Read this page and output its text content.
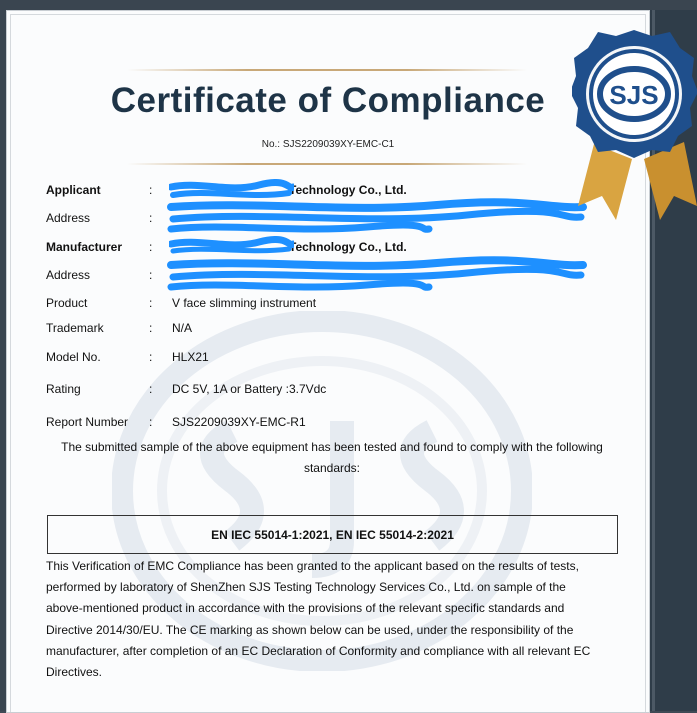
Certificate of Compliance
No.: SJS2209039XY-EMC-C1
Applicant	:	Technology Co., Ltd.
Address	:
Manufacturer :	Technology Co., Ltd.
Address	:
Product	: V face slimming instrument
Trademark	: N/A
Model No.	: HLX21
Rating	: DC 5V, 1A or Battery :3.7Vdc
Report Number : SJS2209039XY-EMC-R1
The submitted sample of the above equipment has been tested and found to comply with the following
standards:
EN IEC 55014-1:2021, EN IEC 55014-2:2021
This Verification of EMC Compliance has been granted to the applicant based on the results of tests,
performed by laboratory of ShenZhen SJS Testing Technology Services Co., Ltd. on sample of the
above-mentioned product in accordance with the provisions of the relevant specific standards and
Directive 2014/30/EU. The CE marking as shown below can be used, under the responsibility of the
manufacturer, after completion of an EC Declaration of Conformity and compliance with all relevant EC
Directives.
SJS
